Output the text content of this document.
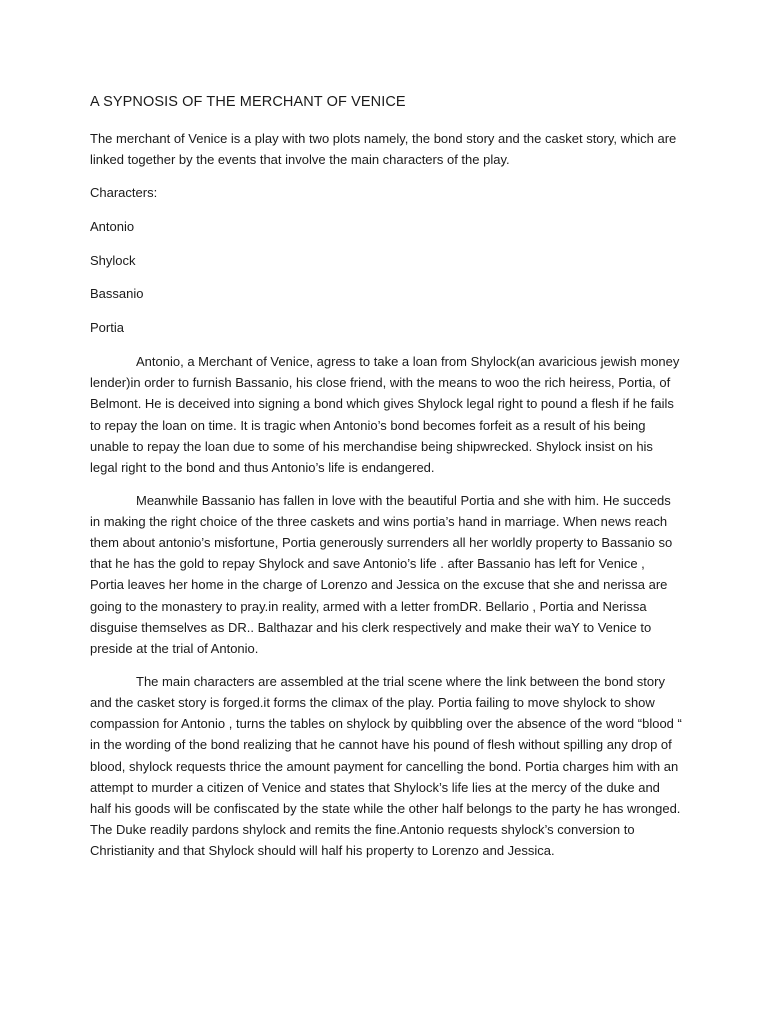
A SYPNOSIS OF THE MERCHANT OF VENICE

The merchant of Venice is a play with two plots namely, the bond story and the casket story, which are linked together by the events that involve the main characters of the play.

Characters:

Antonio
Shylock
Bassanio
Portia

Antonio, a Merchant of Venice, agress to take a loan from Shylock(an avaricious jewish money lender)in order to furnish Bassanio, his close friend, with the means to woo the rich heiress, Portia, of Belmont. He is deceived into signing a bond which gives Shylock legal right to pound a flesh if he fails to repay the loan on time. It is tragic when Antonio’s bond becomes forfeit as a result of his being unable to repay the loan due to some of his merchandise being shipwrecked. Shylock insist on his legal right to the bond and thus Antonio’s life is endangered.

Meanwhile Bassanio has fallen in love with the beautiful Portia and she with him. He succeds in making the right choice of the three caskets and wins portia’s hand in marriage. When news reach them about antonio’s misfortune, Portia generously surrenders all her worldly property to Bassanio so that he has the gold to repay Shylock and save Antonio’s life . after Bassanio has left for Venice , Portia leaves her home in the charge of Lorenzo and Jessica on the excuse that she and nerissa are going to the monastery to pray.in reality, armed with a letter fromDR. Bellario , Portia and Nerissa disguise themselves as DR.. Balthazar and his clerk respectively and make their waY to Venice to preside at the trial of Antonio.

The main characters are assembled at the trial scene where the link between the bond story and the casket story is forged.it forms the climax of the play. Portia failing to move shylock to show compassion for Antonio , turns the tables on shylock by quibbling over the absence of the word “blood “ in the wording of the bond realizing that he cannot have his pound of flesh without spilling any drop of blood, shylock requests thrice the amount payment for cancelling the bond. Portia charges him with an attempt to murder a citizen of Venice and states that Shylock’s life lies at the mercy of the duke and half his goods will be confiscated by the state while the other half belongs to the party he has wronged. The Duke readily pardons shylock and remits the fine.Antonio requests shylock’s conversion to Christianity and that Shylock should will half his property to Lorenzo and Jessica.
